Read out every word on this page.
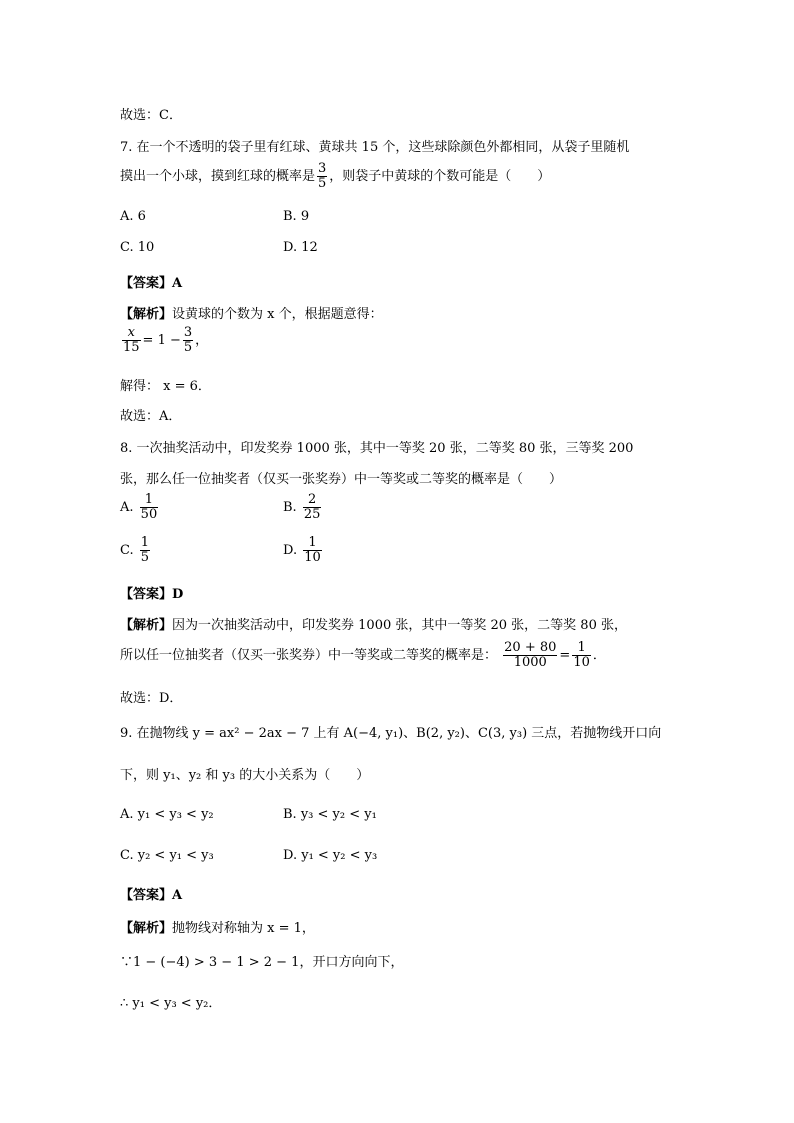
故选：C．
7. 在一个不透明的袋子里有红球、黄球共 15 个，这些球除颜色外都相同，从袋子里随机
摸出一个小球，摸到红球的概率是 $\frac{3}{5}$ ，则袋子中黄球的个数可能是（　　）
A. 6	B. 9
C. 10	D. 12
【答案】A
【解析】设黄球的个数为 x 个，根据题意得：
$\frac{x}{15} = 1 - \frac{3}{5}$ ，
解得： x = 6．
故选：A．
8. 一次抽奖活动中，印发奖券 1000 张，其中一等奖 20 张，二等奖 80 张，三等奖 200
张，那么任一位抽奖者（仅买一张奖券）中一等奖或二等奖的概率是（　　）
A. $\frac{1}{50}$	B. $\frac{2}{25}$
C. $\frac{1}{5}$	D. $\frac{1}{10}$
【答案】D
【解析】因为一次抽奖活动中，印发奖券 1000 张，其中一等奖 20 张，二等奖 80 张，
所以任一位抽奖者（仅买一张奖券）中一等奖或二等奖的概率是： $\frac{20 + 80}{1000} = \frac{1}{10}$ ．
故选：D．
9. 在抛物线 y = ax² − 2ax − 7 上有 A(−4, y₁)、B(2, y₂)、C(3, y₃) 三点，若抛物线开口向
下，则 y₁、y₂ 和 y₃ 的大小关系为（　　）
A. y₁ < y₃ < y₂	B. y₃ < y₂ < y₁
C. y₂ < y₁ < y₃	D. y₁ < y₂ < y₃
【答案】A
【解析】抛物线对称轴为 x = 1，
∵1 − (−4) > 3 − 1 > 2 − 1，开口方向向下，
∴ y₁ < y₃ < y₂．
